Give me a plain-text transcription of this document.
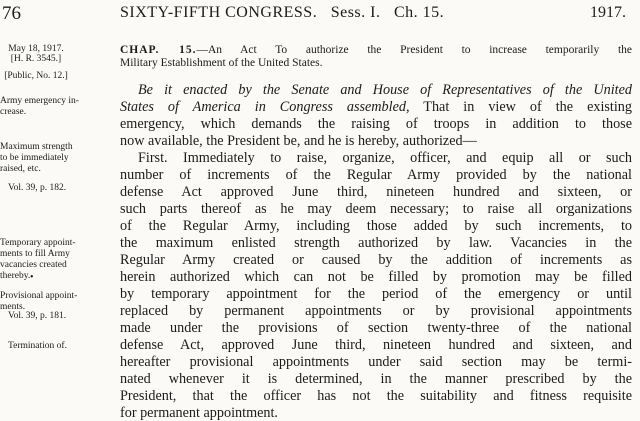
76	SIXTY-FIFTH CONGRESS. Sess. I. Ch. 15.	1917.
May 18, 1917.
[H. R. 3545.]
[Public, No. 12.]
Army emergency in-
crease.
Maximum strength
to be immediately
raised, etc.
Vol. 39, p. 182.
Temporary appoint-
ments to fill Army
vacancies created
thereby.
Provisional appoint-
ments.
Vol. 39, p. 181.
Termination of.
•
CHAP. 15.—An Act To authorize the President to increase temporarily the
Military Establishment of the United States.
Be it enacted by the Senate and House of Representatives of the United
States of America in Congress assembled, That in view of the existing
emergency, which demands the raising of troops in addition to those
now available, the President be, and he is hereby, authorized—
First. Immediately to raise, organize, officer, and equip all or such
number of increments of the Regular Army provided by the national
defense Act approved June third, nineteen hundred and sixteen, or
such parts thereof as he may deem necessary; to raise all organizations
of the Regular Army, including those added by such increments, to
the maximum enlisted strength authorized by law. Vacancies in the
Regular Army created or caused by the addition of increments as
herein authorized which can not be filled by promotion may be filled
by temporary appointment for the period of the emergency or until
replaced by permanent appointments or by provisional appointments
made under the provisions of section twenty-three of the national
defense Act, approved June third, nineteen hundred and sixteen, and
hereafter provisional appointments under said section may be termi-
nated whenever it is determined, in the manner prescribed by the
President, that the officer has not the suitability and fitness requisite
for permanent appointment.
